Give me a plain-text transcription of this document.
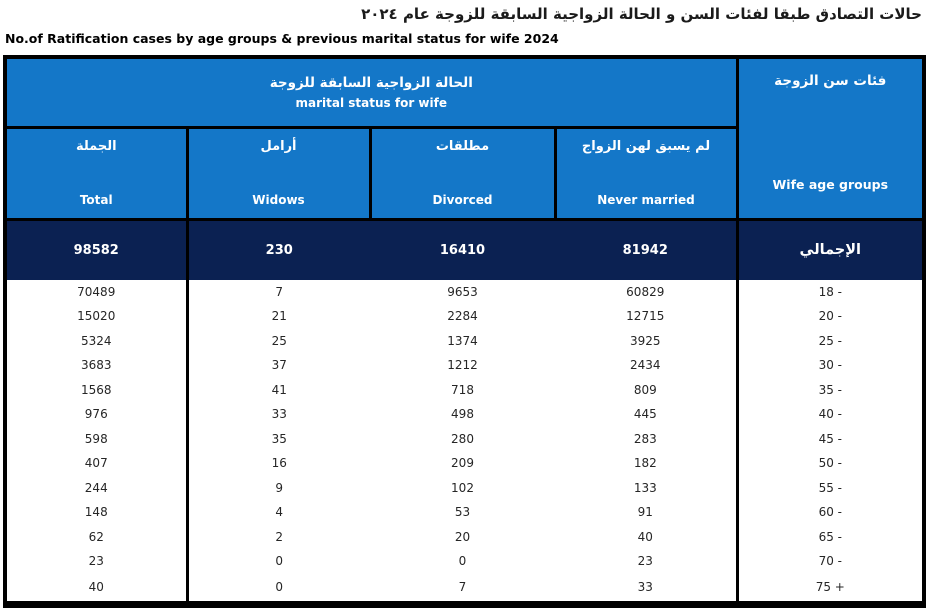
حالات التصادق طبقا لفئات السن و الحالة الزواجية السابقة للزوجة عام ٢٠٢٤
No.of Ratification cases by age groups & previous marital status for wife 2024
الحالة الزواجية السابقة للزوجة
marital status for wife

فئات سن الزوجة
Wife age groups

الجملة
Total

أرامل
Widows

مطلقات
Divorced

لم يسبق لهن الزواج
Never married

98582	230	16410	81942	الإجمالي
70489	7	9653	60829	18 -
15020	21	2284	12715	20 -
5324	25	1374	3925	25 -
3683	37	1212	2434	30 -
1568	41	718	809	35 -
976	33	498	445	40 -
598	35	280	283	45 -
407	16	209	182	50 -
244	9	102	133	55 -
148	4	53	91	60 -
62	2	20	40	65 -
23	0	0	23	70 -
40	0	7	33	75 +
